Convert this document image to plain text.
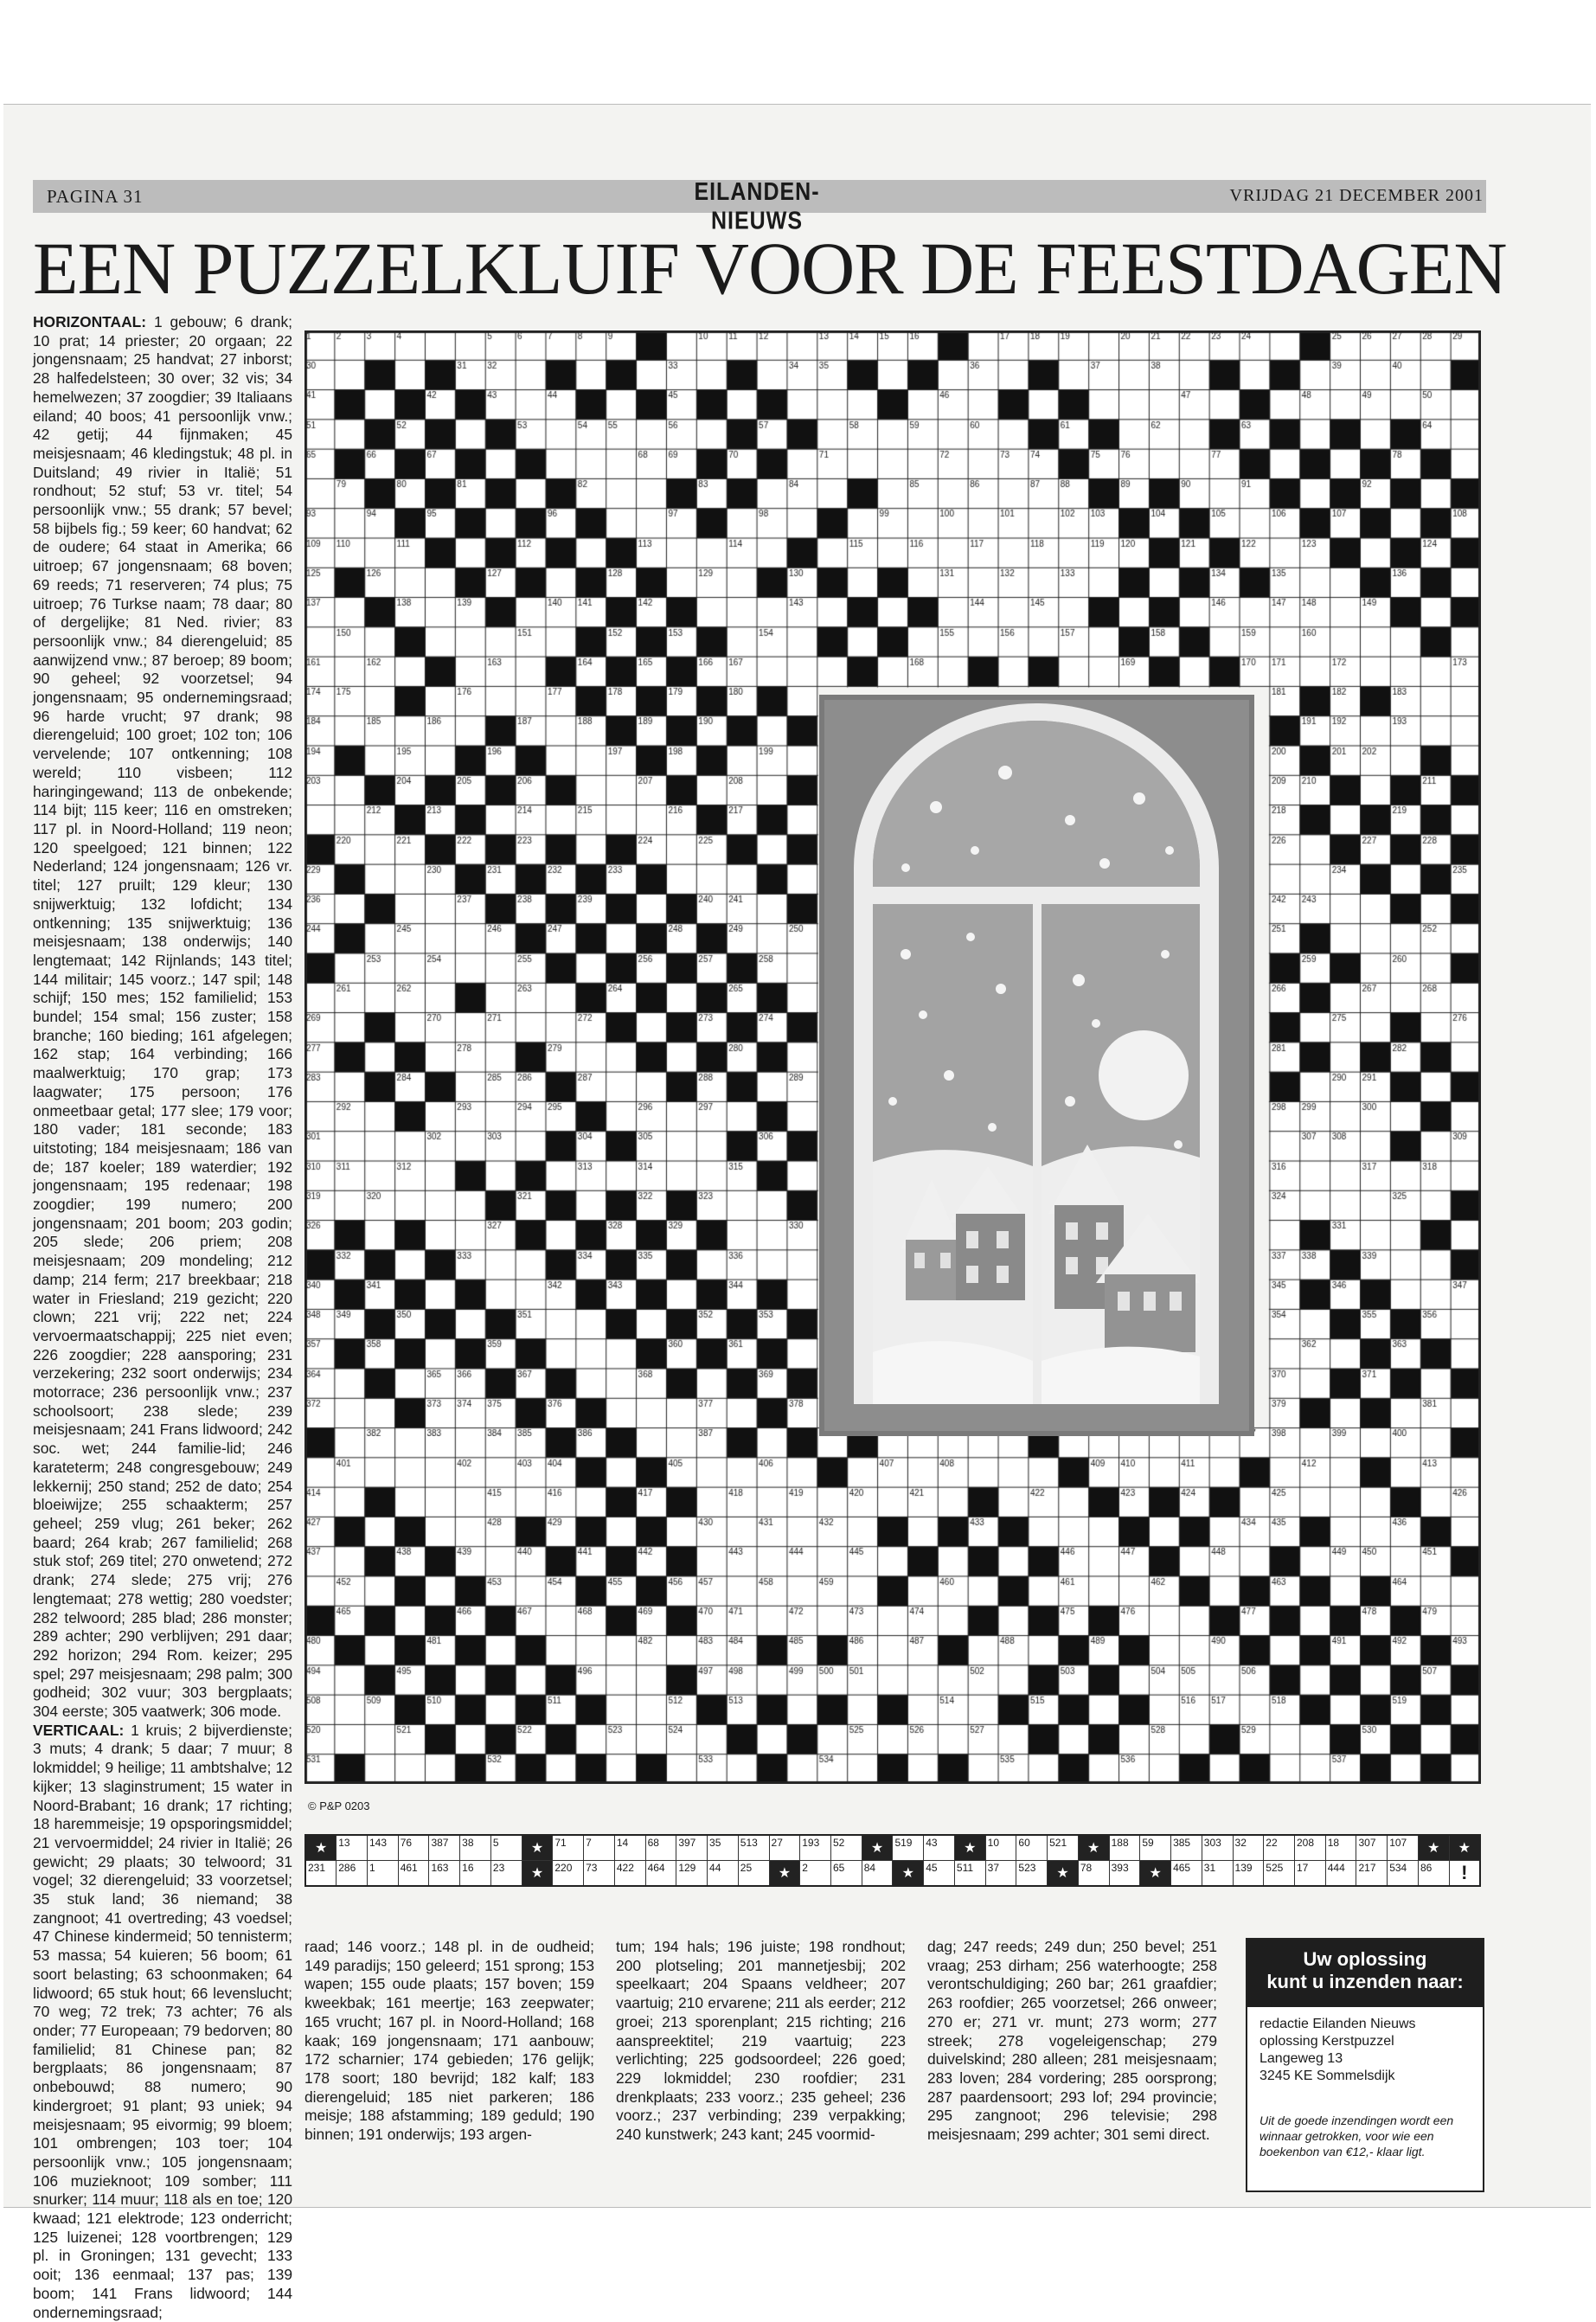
PAGINA 31	EILANDEN-NIEUWS
VRIJDAG 21 DECEMBER 2001
EEN PUZZELKLUIF VOOR DE FEESTDAGEN
HORIZONTAAL: 1 gebouw; 6 drank; 10 prat; 14 priester; 20 orgaan; 22 jongensnaam; 25 handvat; 27 inborst; 28 halfedelsteen; 30 over; 32 vis; 34 hemelwezen; 37 zoogdier; 39 Italiaans eiland; 40 boos; 41 persoonlijk vnw.; 42 getij; 44 fijnmaken; 45 meisjesnaam; 46 kledingstuk; 48 pl. in Duitsland; 49 rivier in Italië; 51 rondhout; 52 stuf; 53 vr. titel; 54 persoonlijk vnw.; 55 drank; 57 bevel; 58 bijbels fig.; 59 keer; 60 handvat; 62 de oudere; 64 staat in Amerika; 66 uitroep; 67 jongensnaam; 68 boven; 69 reeds; 71 reserveren; 74 plus; 75 uitroep; 76 Turkse naam; 78 daar; 80 of dergelijke; 81 Ned. rivier; 83 persoonlijk vnw.; 84 dierengeluid; 85 aanwijzend vnw.; 87 beroep; 89 boom; 90 geheel; 92 voorzetsel; 94 jongensnaam; 95 ondernemingsraad; 96 harde vrucht; 97 drank; 98 dierengeluid; 100 groet; 102 ton; 106 vervelende; 107 ontkenning; 108 wereld; 110 visbeen; 112 haringingewand; 113 de onbekende; 114 bijt; 115 keer; 116 en omstreken; 117 pl. in Noord-Holland; 119 neon; 120 speelgoed; 121 binnen; 122 Nederland; 124 jongensnaam; 126 vr. titel; 127 pruilt; 129 kleur; 130 snijwerktuig; 132 lofdicht; 134 ontkenning; 135 snijwerktuig; 136 meisjesnaam; 138 onderwijs; 140 lengtemaat; 142 Rijnlands; 143 titel; 144 militair; 145 voorz.; 147 spil; 148 schijf; 150 mes; 152 familielid; 153 bundel; 154 smal; 156 zuster; 158 branche; 160 bieding; 161 afgelegen; 162 stap; 164 verbinding; 166 maalwerktuig; 170 grap; 173 laagwater; 175 persoon; 176 onmeetbaar getal; 177 slee; 179 voor; 180 vader; 181 seconde; 183 uitstoting; 184 meisjesnaam; 186 van de; 187 koeler; 189 waterdier; 192 jongensnaam; 195 redenaar; 198 zoogdier; 199 numero; 200 jongensnaam; 201 boom; 203 godin; 205 slede; 206 priem; 208 meisjesnaam; 209 mondeling; 212 damp; 214 ferm; 217 breekbaar; 218 water in Friesland; 219 gezicht; 220 clown; 221 vrij; 222 net; 224 vervoermaatschappij; 225 niet even; 226 zoogdier; 228 aansporing; 231 verzekering; 232 soort onderwijs; 234 motorrace; 236 persoonlijk vnw.; 237 schoolsoort; 238 slede; 239 meisjesnaam; 241 Frans lidwoord; 242 soc. wet; 244 familie-lid; 246 karateterm; 248 congresgebouw; 249 lekkernij; 250 stand; 252 de dato; 254 bloeiwijze; 255 schaakterm; 257 geheel; 259 vlug; 261 beker; 262 baard; 264 krab; 267 familielid; 268 stuk stof; 269 titel; 270 onwetend; 272 drank; 274 slede; 275 vrij; 276 lengtemaat; 278 wettig; 280 voedster; 282 telwoord; 285 blad; 286 monster; 289 achter; 290 verblijven; 291 daar; 292 horizon; 294 Rom. keizer; 295 spel; 297 meisjesnaam; 298 palm; 300 godheid; 302 vuur; 303 bergplaats; 304 eerste; 305 vaatwerk; 306 mode.
VERTICAAL: 1 kruis; 2 bijverdienste; 3 muts; 4 drank; 5 daar; 7 muur; 8 lokmiddel; 9 heilige; 11 ambtshalve; 12 kijker; 13 slaginstrument; 15 water in Noord-Brabant; 16 drank; 17 richting; 18 haremmeisje; 19 opsporingsmiddel; 21 vervoermiddel; 24 rivier in Italië; 26 gewicht; 29 plaats; 30 telwoord; 31 vogel; 32 dierengeluid; 33 voorzetsel; 35 stuk land; 36 niemand; 38 zangnoot; 41 overtreding; 43 voedsel; 47 Chinese kindermeid; 50 tennisterm; 53 massa; 54 kuieren; 56 boom; 61 soort belasting; 63 schoonmaken; 64 lidwoord; 65 stuk hout; 66 levenslucht; 70 weg; 72 trek; 73 achter; 76 als onder; 77 Europeaan; 79 bedorven; 80 familielid; 81 Chinese pan; 82 bergplaats; 86 jongensnaam; 87 onbebouwd; 88 numero; 90 kindergroet; 91 plant; 93 uniek; 94 meisjesnaam; 95 eivormig; 99 bloem; 101 ombrengen; 103 toer; 104 persoonlijk vnw.; 105 jongensnaam; 106 muzieknoot; 109 somber; 111 snurker; 114 muur; 118 als en toe; 120 kwaad; 121 elektrode; 123 onderricht; 125 luizenei; 128 voortbrengen; 129 pl. in Groningen; 131 gevecht; 133 ooit; 136 eenmaal; 137 pas; 139 boom; 141 Frans lidwoord; 144 ondernemingsraad;
© P&P 0203
★	13	143	76	387	38	5	★	71	7	14	68	397	35	513	27	193	52	★	519	43	★	10	60	521	★	188	59	385	303	32	22	208	18	307	107	★	★
231	286	1	461	163	16	23	★	220	73	422	464	129	44	25	★	2	65	84	★	45	511	37	523	★	78	393	★	465	31	139	525	17	444	217	534	86	!
raad; 146 voorz.; 148 pl. in de oudheid; 149 paradijs; 150 geleerd; 151 sprong; 153 wapen; 155 oude plaats; 157 boven; 159 kweekbak; 161 meertje; 163 zeepwater; 165 vrucht; 167 pl. in Noord-Holland; 168 kaak; 169 jongensnaam; 171 aanbouw; 172 scharnier; 174 gebieden; 176 gelijk; 178 soort; 180 bevrijd; 182 kalf; 183 dierengeluid; 185 niet parkeren; 186 meisje; 188 afstamming; 189 geduld; 190 binnen; 191 onderwijs; 193 argen-
tum; 194 hals; 196 juiste; 198 rondhout; 200 plotseling; 201 mannetjesbij; 202 speelkaart; 204 Spaans veldheer; 207 vaartuig; 210 ervarene; 211 als eerder; 212 groei; 213 sporenplant; 215 richting; 216 aanspreektitel; 219 vaartuig; 223 verlichting; 225 godsoordeel; 226 goed; 229 lokmiddel; 230 roofdier; 231 drenkplaats; 233 voorz.; 235 geheel; 236 voorz.; 237 verbinding; 239 verpakking; 240 kunstwerk; 243 kant; 245 voormid-
dag; 247 reeds; 249 dun; 250 bevel; 251 vraag; 253 dirham; 256 waterhoogte; 258 verontschuldiging; 260 bar; 261 graafdier; 263 roofdier; 265 voorzetsel; 266 onweer; 270 er; 271 vr. munt; 273 worm; 277 streek; 278 vogeleigenschap; 279 duivelskind; 280 alleen; 281 meisjesnaam; 283 loven; 284 vordering; 285 oorsprong; 287 paardensoort; 293 lof; 294 provincie; 295 zangnoot; 296 televisie; 298 meisjesnaam; 299 achter; 301 semi direct.
Uw oplossing
kunt u inzenden naar:
redactie Eilanden Nieuws
oplossing Kerstpuzzel
Langeweg 13
3245 KE Sommelsdijk
Uit de goede inzendingen wordt een winnaar getrokken, voor wie een boekenbon van €12,- klaar ligt.
